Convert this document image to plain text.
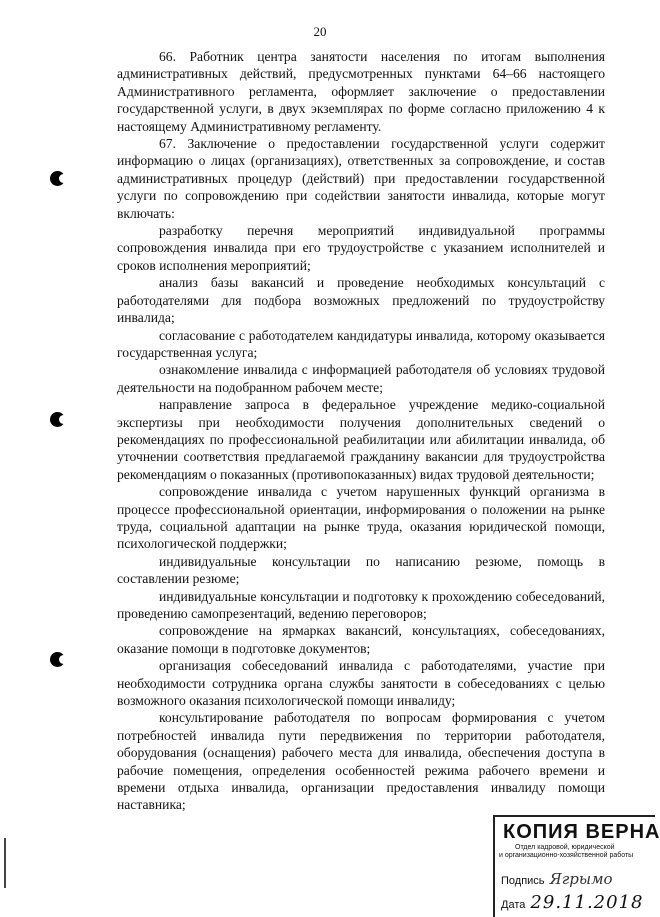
20

66. Работник центра занятости населения по итогам выполнения административных действий, предусмотренных пунктами 64–66 настоящего Административного регламента, оформляет заключение о предоставлении государственной услуги, в двух экземплярах по форме согласно приложению 4 к настоящему Административному регламенту.

67. Заключение о предоставлении государственной услуги содержит информацию о лицах (организациях), ответственных за сопровождение, и состав административных процедур (действий) при предоставлении государственной услуги по сопровождению при содействии занятости инвалида, которые могут включать:

разработку перечня мероприятий индивидуальной программы сопровождения инвалида при его трудоустройстве с указанием исполнителей и сроков исполнения мероприятий;

анализ базы вакансий и проведение необходимых консультаций с работодателями для подбора возможных предложений по трудоустройству инвалида;

согласование с работодателем кандидатуры инвалида, которому оказывается государственная услуга;

ознакомление инвалида с информацией работодателя об условиях трудовой деятельности на подобранном рабочем месте;

направление запроса в федеральное учреждение медико-социальной экспертизы при необходимости получения дополнительных сведений о рекомендациях по профессиональной реабилитации или абилитации инвалида, об уточнении соответствия предлагаемой гражданину вакансии для трудоустройства рекомендациям о показанных (противопоказанных) видах трудовой деятельности;

сопровождение инвалида с учетом нарушенных функций организма в процессе профессиональной ориентации, информирования о положении на рынке труда, социальной адаптации на рынке труда, оказания юридической помощи, психологической поддержки;

индивидуальные консультации по написанию резюме, помощь в составлении резюме;

индивидуальные консультации и подготовку к прохождению собеседований, проведению самопрезентаций, ведению переговоров;

сопровождение на ярмарках вакансий, консультациях, собеседованиях, оказание помощи в подготовке документов;

организация собеседований инвалида с работодателями, участие при необходимости сотрудника органа службы занятости в собеседованиях с целью возможного оказания психологической помощи инвалиду;

консультирование работодателя по вопросам формирования с учетом потребностей инвалида пути передвижения по территории работодателя, оборудования (оснащения) рабочего места для инвалида, обеспечения доступа в рабочие помещения, определения особенностей режима рабочего времени и времени отдыха инвалида, организации предоставления инвалиду помощи наставника;

КОПИЯ ВЕРНА
Отдел кадровой, юридической
и организационно-хозяйственной работы
Подпись Ягрымо
Дата 29.11.2018
